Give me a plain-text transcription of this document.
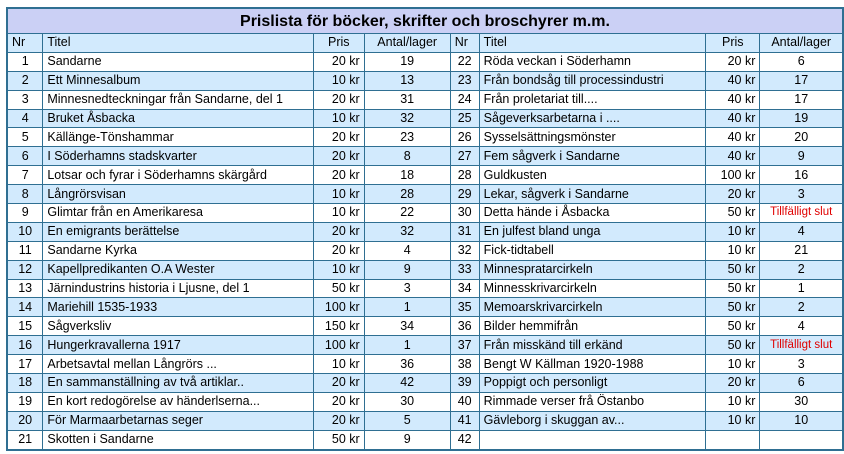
Prislista för böcker, skrifter och broschyrer m.m.							
Nr	Titel	Pris	Antal/lager	Nr	Titel	Pris	Antal/lager
1	Sandarne	20 kr	19	22	Röda veckan i Söderhamn	20 kr	6
2	Ett Minnesalbum	10 kr	13	23	Från bondsåg till processindustri	40 kr	17
3	Minnesnedteckningar från Sandarne, del 1	20 kr	31	24	Från proletariat till....	40 kr	17
4	Bruket Åsbacka	10 kr	32	25	Sågeverksarbetarna i ....	40 kr	19
5	Källänge-Tönshammar	20 kr	23	26	Sysselsättningsmönster	40 kr	20
6	I Söderhamns stadskvarter	20 kr	8	27	Fem sågverk i Sandarne	40 kr	9
7	Lotsar och fyrar i Söderhamns skärgård	20 kr	18	28	Guldkusten	100 kr	16
8	Långrörsvisan	10 kr	28	29	Lekar, sågverk i Sandarne	20 kr	3
9	Glimtar från en Amerikaresa	10 kr	22	30	Detta hände i Åsbacka	50 kr	Tillfälligt slut
10	En emigrants berättelse	20 kr	32	31	En julfest bland unga	10 kr	4
11	Sandarne Kyrka	20 kr	4	32	Fick-tidtabell	10 kr	21
12	Kapellpredikanten O.A Wester	10 kr	9	33	Minnespratarcirkeln	50 kr	2
13	Järnindustrins historia i Ljusne, del 1	50 kr	3	34	Minnesskrivarcirkeln	50 kr	1
14	Mariehill 1535-1933	100 kr	1	35	Memoarskrivarcirkeln	50 kr	2
15	Sågverksliv	150 kr	34	36	Bilder hemmifrån	50 kr	4
16	Hungerkravallerna 1917	100 kr	1	37	Från misskänd till erkänd	50 kr	Tillfälligt slut
17	Arbetsavtal mellan Långrörs ...	10 kr	36	38	Bengt W Källman 1920-1988	10 kr	3
18	En sammanställning av två artiklar..	20 kr	42	39	Poppigt och personligt	20 kr	6
19	En kort redogörelse av händerlserna...	20 kr	30	40	Rimmade verser frå Östanbo	10 kr	30
20	För Marmaarbetarnas seger	20 kr	5	41	Gävleborg i skuggan av...	10 kr	10
21	Skotten i Sandarne	50 kr	9	42			
